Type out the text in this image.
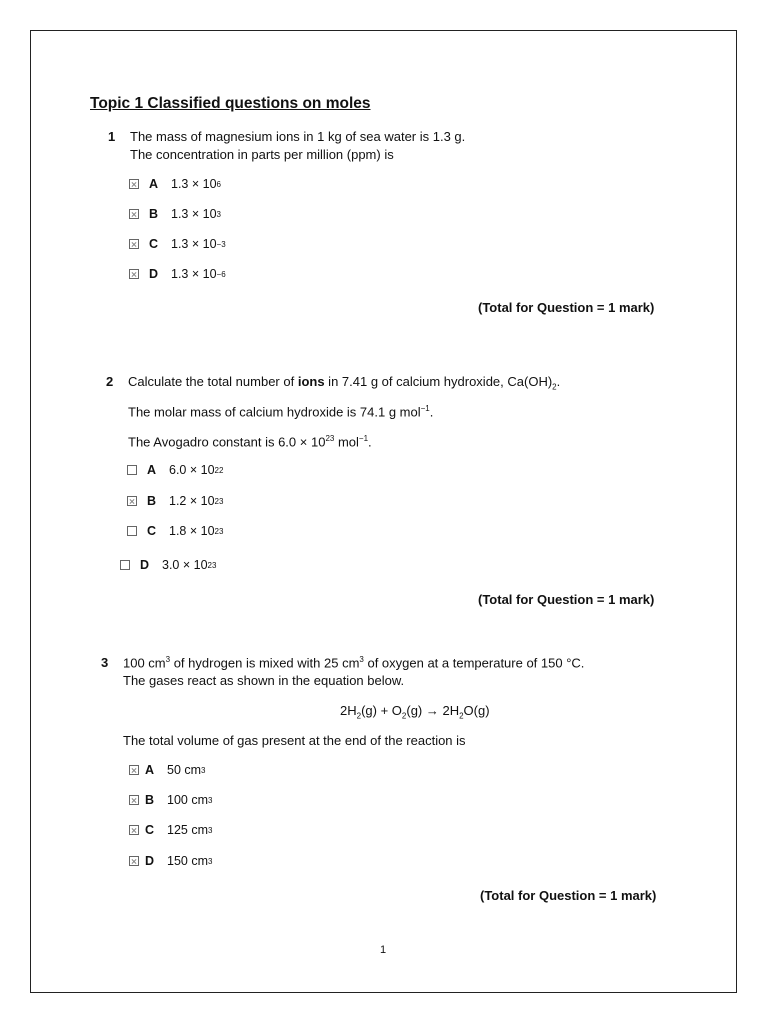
Topic 1 Classified questions on moles
1 The mass of magnesium ions in 1 kg of sea water is 1.3 g.
The concentration in parts per million (ppm) is
A	1.3 × 10 6
B	1.3 × 10 3
C	1.3 × 10 −3
D	1.3 × 10 −6
(Total for Question = 1 mark)
2 Calculate the total number of ions in 7.41 g of calcium hydroxide, $Ca(OH)_2$.
The molar mass of calcium hydroxide is 74.1 g mol$^{-1}$.
The Avogadro constant is $6.0 \times 10^{23}$ mol$^{-1}$.
A	6.0 × 10 22
B	1.2 × 10 23
C	1.8 × 10 23
D	3.0 × 10 23
(Total for Question = 1 mark)
3 100 $cm^3$ of hydrogen is mixed with 25 $cm^3$ of oxygen at a temperature of 150 °C.
The gases react as shown in the equation below.
$2H_2(g) + O_2(g) \to 2H_2O(g)$
The total volume of gas present at the end of the reaction is
A	50 cm 3
B	100 cm 3
C	125 cm 3
D	150 cm 3
(Total for Question = 1 mark)
1
